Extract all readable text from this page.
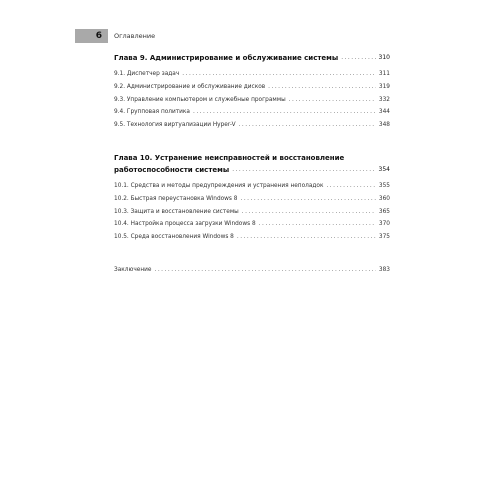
6	Оглавление
Глава 9. Администрирование и обслуживание системы .....	310
9.1. Диспетчер задач .....	311
9.2. Администрирование и обслуживание дисков .....	319
9.3. Управление компьютером и служебные программы .....	332
9.4. Групповая политика .....	344
9.5. Технология виртуализации Hyper-V .....	348
Глава 10. Устранение неисправностей и восстановление
работоспособности системы .....	354
10.1. Средства и методы предупреждения и устранения неполадок .....	355
10.2. Быстрая переустановка Windows 8 .....	360
10.3. Защита и восстановление системы .....	365
10.4. Настройка процесса загрузки Windows 8 .....	370
10.5. Среда восстановления Windows 8 .....	375
Заключение .....	383
